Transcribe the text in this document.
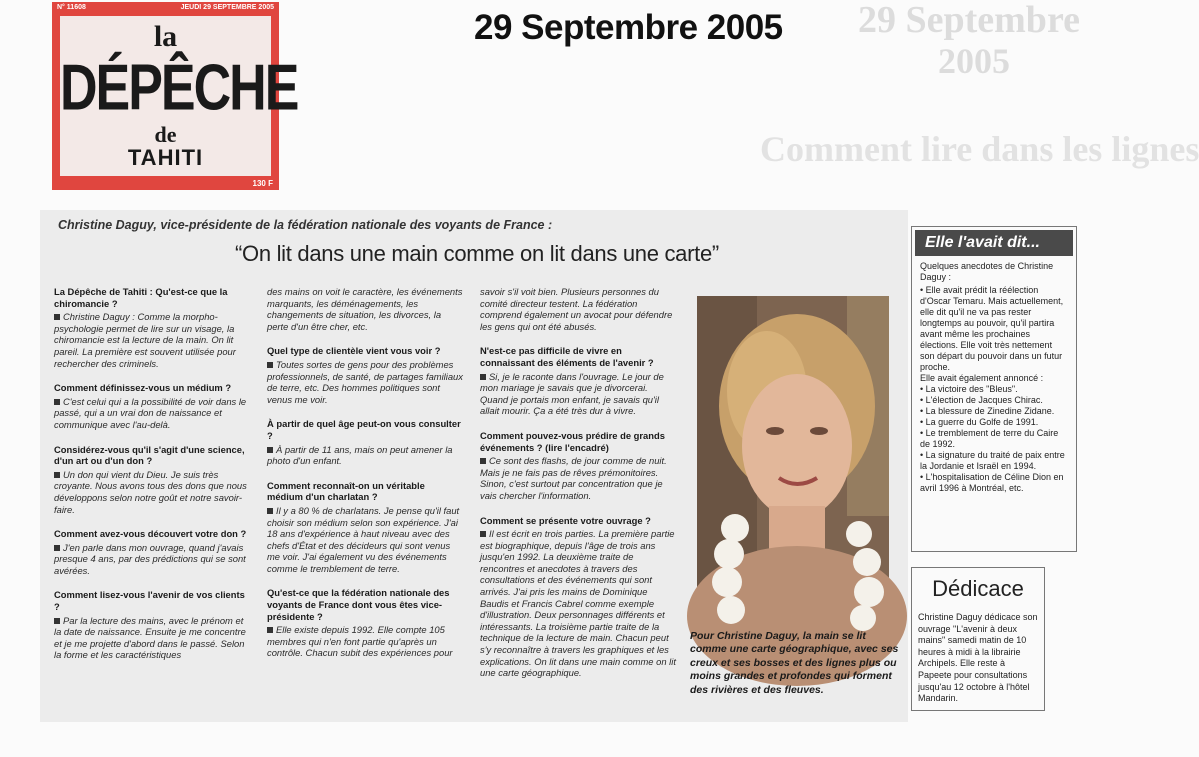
N° 11608	JEUDI 29 SEPTEMBRE 2005
la
DÉPÊCHE
de
TAHITI
130 F
29 Septembre 2005 29 Septembre
2005
Comment lire dans les lignes
Christine Daguy, vice-présidente de la fédération nationale des voyants de France :
“On lit dans une main comme on lit dans une carte”

La Dépêche de Tahiti : Qu'est-ce que la chiromancie ?

Christine Daguy : Comme la morpho-psychologie permet de lire sur un visage, la chiromancie est la lecture de la main. On lit pareil. La première est souvent utilisée pour rechercher des criminels.

Comment définissez-vous un médium ?

C'est celui qui a la possibilité de voir dans le passé, qui a un vrai don de naissance et communique avec l'au-delà.

Considérez-vous qu'il s'agit d'une science, d'un art ou d'un don ?

Un don qui vient du Dieu. Je suis très croyante. Nous avons tous des dons que nous développons selon notre goût et notre savoir-faire.

Comment avez-vous découvert votre don ?

J'en parle dans mon ouvrage, quand j'avais presque 4 ans, par des prédictions qui se sont avérées.

Comment lisez-vous l'avenir de vos clients ?

Par la lecture des mains, avec le prénom et la date de naissance. Ensuite je me concentre et je me projette d'abord dans le passé. Selon la forme et les caractéristiques

des mains on voit le caractère, les événements marquants, les déménagements, les changements de situation, les divorces, la perte d'un être cher, etc.

Quel type de clientèle vient vous voir ?

Toutes sortes de gens pour des problèmes professionnels, de santé, de partages familiaux de terre, etc. Des hommes politiques sont venus me voir.

À partir de quel âge peut-on vous consulter ?

À partir de 11 ans, mais on peut amener la photo d'un enfant.

Comment reconnaît-on un véritable médium d'un charlatan ?

Il y a 80 % de charlatans. Je pense qu'il faut choisir son médium selon son expérience. J'ai 18 ans d'expérience à haut niveau avec des chefs d'État et des décideurs qui sont venus me voir. J'ai également vu des événements comme le tremblement de terre.

Qu'est-ce que la fédération nationale des voyants de France dont vous êtes vice-présidente ?

Elle existe depuis 1992. Elle compte 105 membres qui n'en font partie qu'après un contrôle. Chacun subit des expériences pour

savoir s'il voit bien. Plusieurs personnes du comité directeur testent. La fédération comprend également un avocat pour défendre les gens qui ont été abusés.

N'est-ce pas difficile de vivre en connaissant des éléments de l'avenir ?

Si, je le raconte dans l'ouvrage. Le jour de mon mariage je savais que je divorcerai. Quand je portais mon enfant, je savais qu'il allait mourir. Ça a été très dur à vivre.

Comment pouvez-vous prédire de grands événements ? (lire l'encadré)

Ce sont des flashs, de jour comme de nuit. Mais je ne fais pas de rêves prémonitoires. Sinon, c'est surtout par concentration que je vais chercher l'information.

Comment se présente votre ouvrage ?

Il est écrit en trois parties. La première partie est biographique, depuis l'âge de trois ans jusqu'en 1992. La deuxième traite de rencontres et anecdotes à travers des consultations et des événements qui sont arrivés. J'ai pris les mains de Dominique Baudis et Francis Cabrel comme exemple d'illustration. Deux personnages différents et intéressants. La troisième partie traite de la technique de la lecture de main. Chacun peut s'y reconnaître à travers les graphiques et les explications. On lit dans une main comme on lit une carte géographique.

Pour Christine Daguy, la main se lit comme une carte géographique, avec ses creux et ses bosses et des lignes plus ou moins grandes et profondes qui forment des rivières et des fleuves.
Elle l'avait dit...
Quelques anecdotes de Christine Daguy :
• Elle avait prédit la réélection d'Oscar Temaru. Mais actuellement, elle dit qu'il ne va pas rester longtemps au pouvoir, qu'il partira avant même les prochaines élections. Elle voit très nettement son départ du pouvoir dans un futur proche.
Elle avait également annoncé :
• La victoire des "Bleus".
• L'élection de Jacques Chirac.
• La blessure de Zinedine Zidane.
• La guerre du Golfe de 1991.
• Le tremblement de terre du Caire de 1992.
• La signature du traité de paix entre la Jordanie et Israël en 1994.
• L'hospitalisation de Céline Dion en avril 1996 à Montréal, etc.
Dédicace
Christine Daguy dédicace son ouvrage "L'avenir à deux mains" samedi matin de 10 heures à midi à la librairie Archipels. Elle reste à Papeete pour consultations jusqu'au 12 octobre à l'hôtel Mandarin.
